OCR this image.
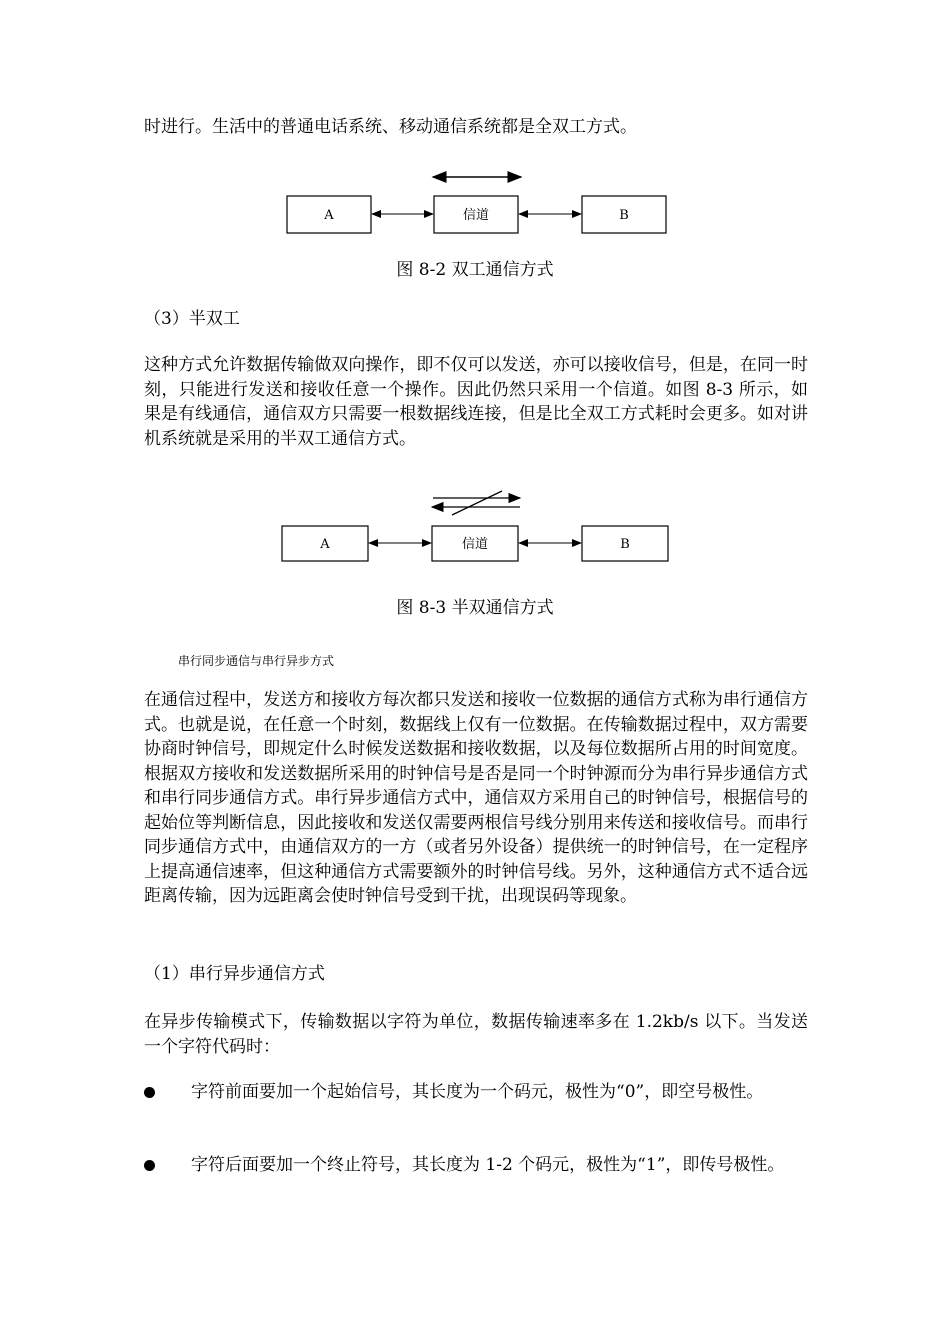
时进行。生活中的普通电话系统、移动通信系统都是全双工方式。

A	信道	B

图 8-2 双工通信方式

（3）半双工

这种方式允许数据传输做双向操作，即不仅可以发送，亦可以接收信号，但是，在同一时刻，只能进行发送和接收任意一个操作。因此仍然只采用一个信道。如图 8-3 所示，如果是有线通信，通信双方只需要一根数据线连接，但是比全双工方式耗时会更多。如对讲机系统就是采用的半双工通信方式。

A	信道	B

图 8-3 半双通信方式

串行同步通信与串行异步方式

在通信过程中，发送方和接收方每次都只发送和接收一位数据的通信方式称为串行通信方式。也就是说，在任意一个时刻，数据线上仅有一位数据。在传输数据过程中，双方需要协商时钟信号，即规定什么时候发送数据和接收数据，以及每位数据所占用的时间宽度。根据双方接收和发送数据所采用的时钟信号是否是同一个时钟源而分为串行异步通信方式和串行同步通信方式。串行异步通信方式中，通信双方采用自己的时钟信号，根据信号的起始位等判断信息，因此接收和发送仅需要两根信号线分别用来传送和接收信号。而串行同步通信方式中，由通信双方的一方（或者另外设备）提供统一的时钟信号，在一定程序上提高通信速率，但这种通信方式需要额外的时钟信号线。另外，这种通信方式不适合远距离传输，因为远距离会使时钟信号受到干扰，出现误码等现象。

（1）串行异步通信方式

在异步传输模式下，传输数据以字符为单位，数据传输速率多在 1.2kb/s 以下。当发送一个字符代码时：

字符前面要加一个起始信号，其长度为一个码元，极性为“0”，即空号极性。

字符后面要加一个终止符号，其长度为 1-2 个码元，极性为“1”，即传号极性。
